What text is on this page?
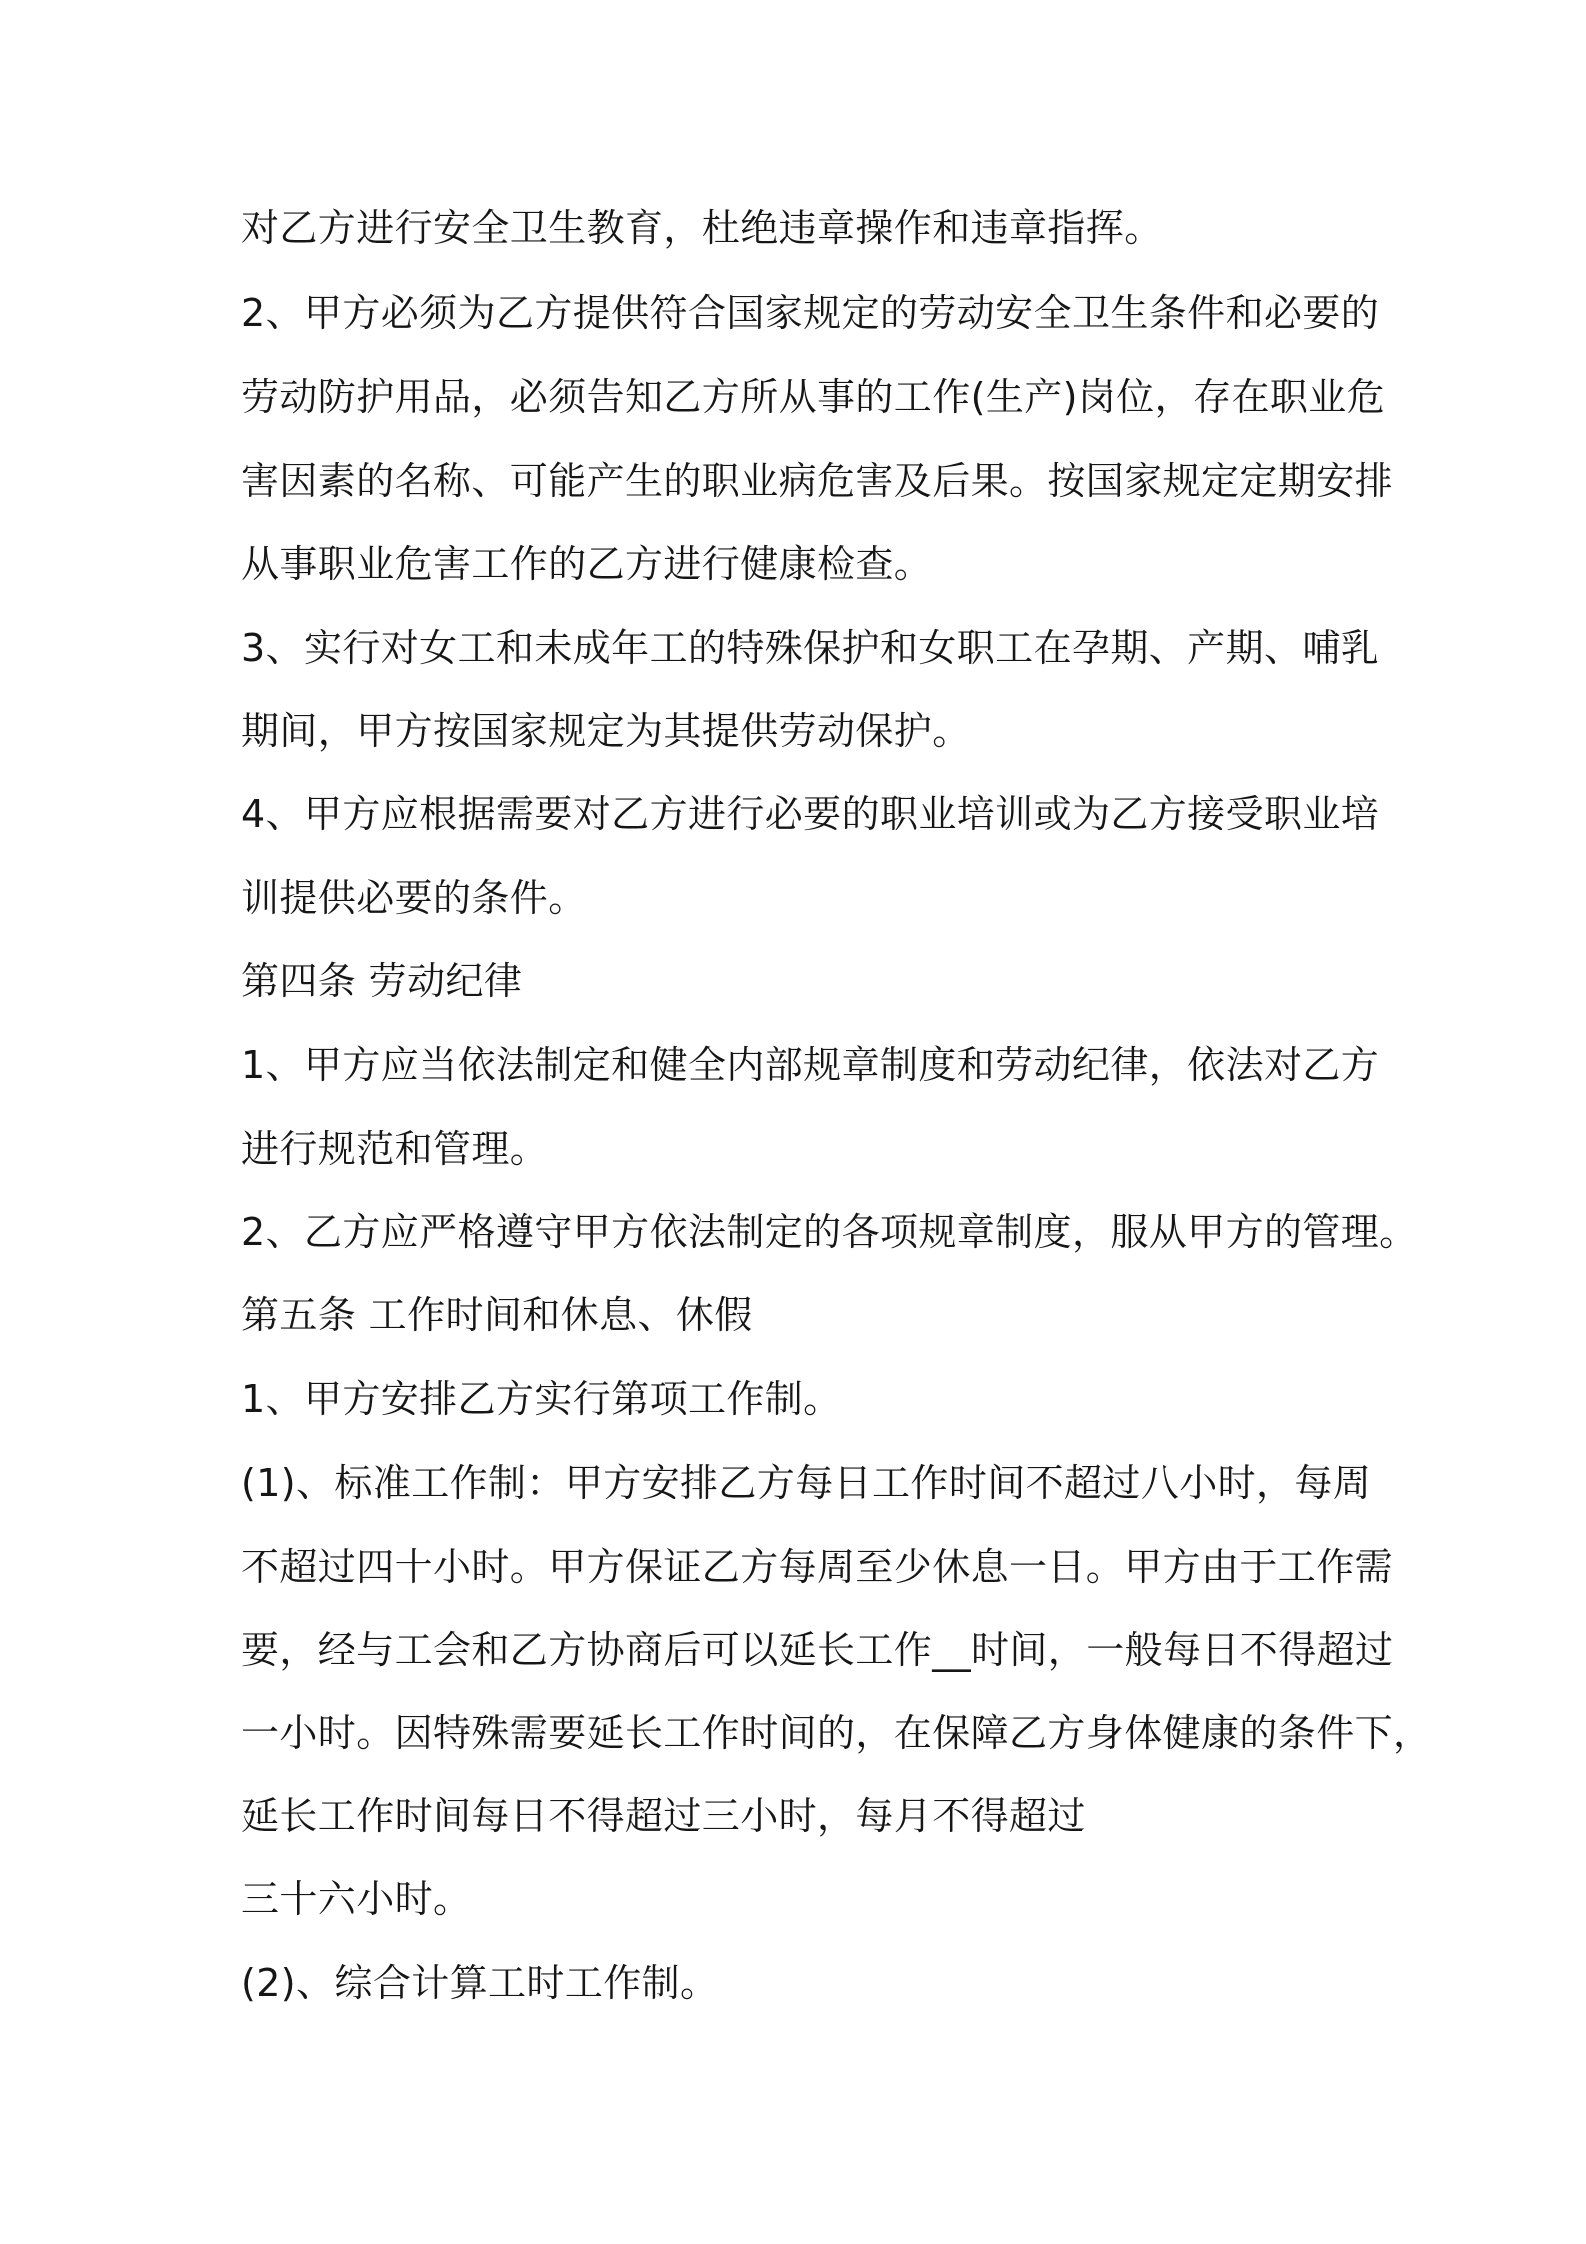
对乙方进行安全卫生教育，杜绝违章操作和违章指挥。
2、甲方必须为乙方提供符合国家规定的劳动安全卫生条件和必要的
劳动防护用品，必须告知乙方所从事的工作(生产)岗位，存在职业危
害因素的名称、可能产生的职业病危害及后果。按国家规定定期安排
从事职业危害工作的乙方进行健康检查。
3、实行对女工和未成年工的特殊保护和女职工在孕期、产期、哺乳
期间，甲方按国家规定为其提供劳动保护。
4、甲方应根据需要对乙方进行必要的职业培训或为乙方接受职业培
训提供必要的条件。
第四条 劳动纪律
1、甲方应当依法制定和健全内部规章制度和劳动纪律，依法对乙方
进行规范和管理。
2、乙方应严格遵守甲方依法制定的各项规章制度，服从甲方的管理。
第五条 工作时间和休息、休假
1、甲方安排乙方实行第项工作制。
(1)、标准工作制：甲方安排乙方每日工作时间不超过八小时，每周
不超过四十小时。甲方保证乙方每周至少休息一日。甲方由于工作需
要，经与工会和乙方协商后可以延长工作__时间，一般每日不得超过
一小时。因特殊需要延长工作时间的，在保障乙方身体健康的条件下，
延长工作时间每日不得超过三小时，每月不得超过
三十六小时。
(2)、综合计算工时工作制。
